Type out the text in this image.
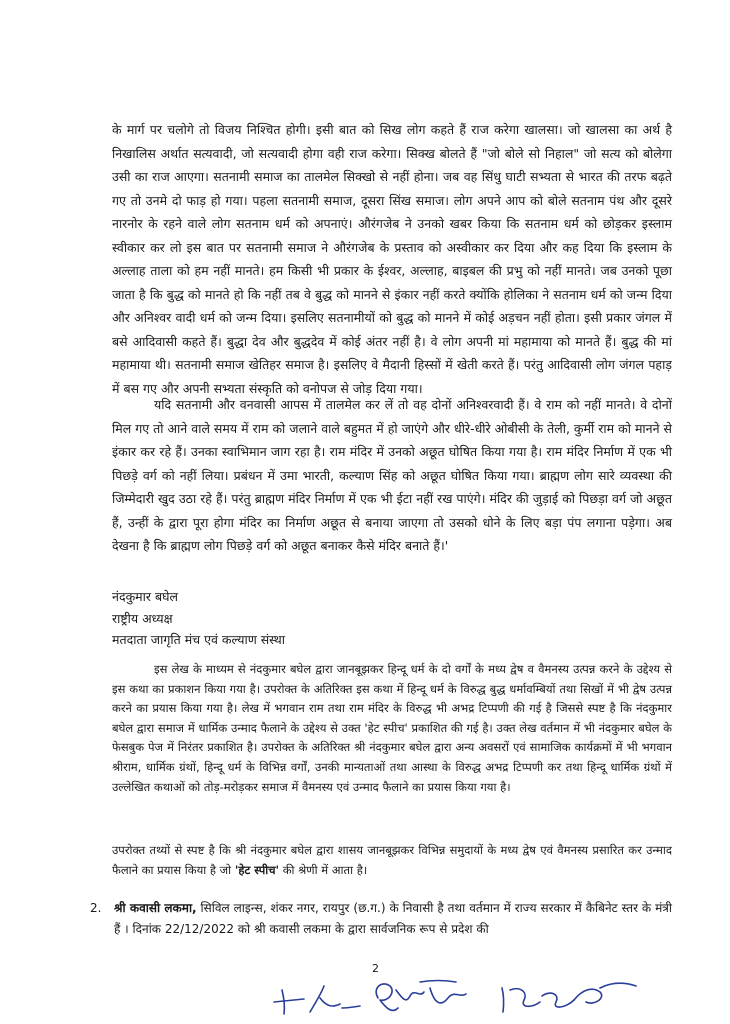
के मार्ग पर चलोगे तो विजय निश्चित होगी। इसी बात को सिख लोग कहते हैं राज करेगा खालसा। जो खालसा का अर्थ है निखालिस अर्थात सत्यवादी, जो सत्यवादी होगा वही राज करेगा। सिक्ख बोलते हैं "जो बोले सो निहाल" जो सत्य को बोलेगा उसी का राज आएगा। सतनामी समाज का तालमेल सिक्खो से नहीं होना। जब वह सिंधु घाटी सभ्यता से भारत की तरफ बढ़ते गए तो उनमे दो फाड़ हो गया। पहला सतनामी समाज, दूसरा सिंख समाज। लोग अपने आप को बोले सतनाम पंथ और दूसरे नारनोर के रहने वाले लोग सतनाम धर्म को अपनाएं। औरंगजेब ने उनको खबर किया कि सतनाम धर्म को छोड़कर इस्लाम स्वीकार कर लो इस बात पर सतनामी समाज ने औरंगजेब के प्रस्ताव को अस्वीकार कर दिया और कह दिया कि इस्लाम के अल्लाह ताला को हम नहीं मानते। हम किसी भी प्रकार के ईश्वर, अल्लाह, बाइबल की प्रभु को नहीं मानते। जब उनको पूछा जाता है कि बुद्ध को मानते हो कि नहीं तब वे बुद्ध को मानने से इंकार नहीं करते क्योंकि होलिका ने सतनाम धर्म को जन्म दिया और अनिश्वर वादी धर्म को जन्म दिया। इसलिए सतनामीयों को बुद्ध को मानने में कोई अड़चन नहीं होता। इसी प्रकार जंगल में बसे आदिवासी कहते हैं। बुद्धा देव और बुद्धदेव में कोई अंतर नहीं है। वे लोग अपनी मां महामाया को मानते हैं। बुद्ध की मां महामाया थी। सतनामी समाज खेतिहर समाज है। इसलिए वे मैदानी हिस्सों में खेती करते हैं। परंतु आदिवासी लोग जंगल पहाड़ में बस गए और अपनी सभ्यता संस्कृति को वनोपज से जोड़ दिया गया।

यदि सतनामी और वनवासी आपस में तालमेल कर लें तो वह दोनों अनिश्वरवादी हैं। वे राम को नहीं मानते। वे दोनों मिल गए तो आने वाले समय में राम को जलाने वाले बहुमत में हो जाएंगे और धीरे-धीरे ओबीसी के तेली, कुर्मी राम को मानने से इंकार कर रहे हैं। उनका स्वाभिमान जाग रहा है। राम मंदिर में उनको अछूत घोषित किया गया है। राम मंदिर निर्माण में एक भी पिछड़े वर्ग को नहीं लिया। प्रबंधन में उमा भारती, कल्याण सिंह को अछूत घोषित किया गया। ब्राह्मण लोग सारे व्यवस्था की जिम्मेदारी खुद उठा रहे हैं। परंतु ब्राह्मण मंदिर निर्माण में एक भी ईटा नहीं रख पाएंगे। मंदिर की जुड़ाई को पिछड़ा वर्ग जो अछूत हैं, उन्हीं के द्वारा पूरा होगा मंदिर का निर्माण अछूत से बनाया जाएगा तो उसको धोने के लिए बड़ा पंप लगाना पड़ेगा। अब देखना है कि ब्राह्मण लोग पिछड़े वर्ग को अछूत बनाकर कैसे मंदिर बनाते हैं।'

नंदकुमार बघेल
राष्ट्रीय अध्यक्ष
मतदाता जागृति मंच एवं कल्याण संस्था

इस लेख के माध्यम से नंदकुमार बघेल द्वारा जानबूझकर हिन्दू धर्म के दो वर्गों के मध्य द्वेष व वैमनस्य उत्पन्न करने के उद्देश्य से इस कथा का प्रकाशन किया गया है। उपरोक्त के अतिरिक्त इस कथा में हिन्दू धर्म के विरुद्ध बुद्ध धर्मावम्बियों तथा सिखों में भी द्वेष उत्पन्न करने का प्रयास किया गया है। लेख में भगवान राम तथा राम मंदिर के विरुद्ध भी अभद्र टिप्पणी की गई है जिससे स्पष्ट है कि नंदकुमार बघेल द्वारा समाज में धार्मिक उन्माद फैलाने के उद्देश्य से उक्त 'हेट स्पीच' प्रकाशित की गई है। उक्त लेख वर्तमान में भी नंदकुमार बघेल के फेसबुक पेज में निरंतर प्रकाशित है। उपरोक्त के अतिरिक्त श्री नंदकुमार बघेल द्वारा अन्य अवसरों एवं सामाजिक कार्यक्रमों में भी भगवान श्रीराम, धार्मिक ग्रंथों, हिन्दू धर्म के विभिन्न वर्गों, उनकी मान्यताओं तथा आस्था के विरुद्ध अभद्र टिप्पणी कर तथा हिन्दू धार्मिक ग्रंथों में उल्लेखित कथाओं को तोड़-मरोड़कर समाज में वैमनस्य एवं उन्माद फैलाने का प्रयास किया गया है।

उपरोक्त तथ्यों से स्पष्ट है कि श्री नंदकुमार बघेल द्वारा शासय जानबूझकर विभिन्न समुदायों के मध्य द्वेष एवं वैमनस्य प्रसारित कर उन्माद फैलाने का प्रयास किया है जो 'हेट स्पीच' की श्रेणी में आता है।

2. श्री कवासी लकमा, सिविल लाइन्स, शंकर नगर, रायपुर (छ.ग.) के निवासी है तथा वर्तमान में राज्य सरकार में कैबिनेट स्तर के मंत्री हैं । दिनांक 22/12/2022 को श्री कवासी लकमा के द्वारा सार्वजनिक रूप से प्रदेश की
2
